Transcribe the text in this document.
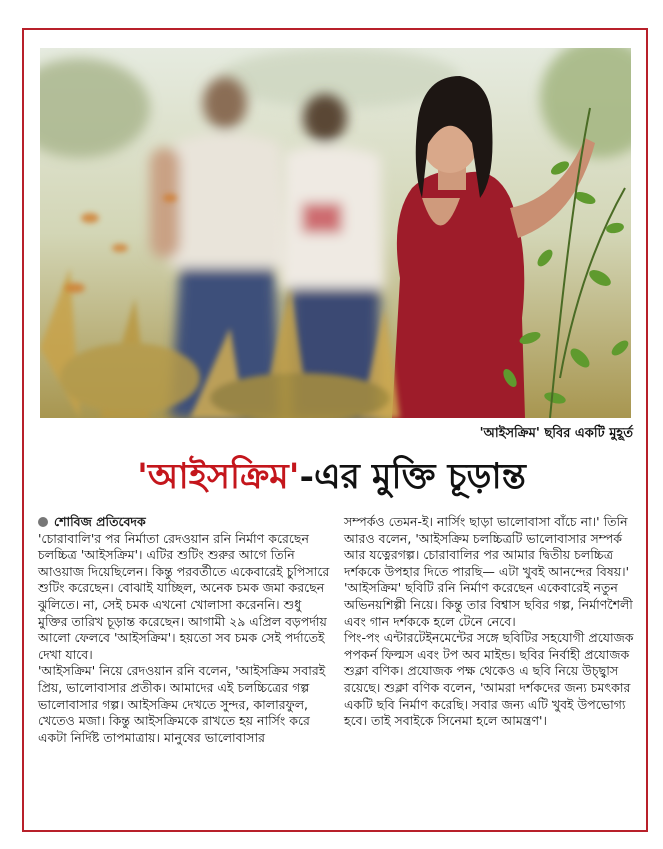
'আইসক্রিম' ছবির একটি মুহূর্ত
'আইসক্রিম'-এর মুক্তি চূড়ান্ত

শোবিজ প্রতিবেদক

'চোরাবালি'র পর নির্মাতা রেদওয়ান রনি নির্মাণ করেছেন চলচ্চিত্র 'আইসক্রিম'। এটির শুটিং শুরুর আগে তিনি আওয়াজ দিয়েছিলেন। কিন্তু পরবর্তীতে একেবারেই চুপিসারে শুটিং করেছেন। বোঝাই যাচ্ছিল, অনেক চমক জমা করছেন ঝুলিতে। না, সেই চমক এখনো খোলাসা করেননি। শুধু মুক্তির তারিখ চূড়ান্ত করেছেন। আগামী ২৯ এপ্রিল বড়পর্দায় আলো ফেলবে 'আইসক্রিম'। হয়তো সব চমক সেই পর্দাতেই দেখা যাবে।

'আইসক্রিম' নিয়ে রেদওয়ান রনি বলেন, 'আইসক্রিম সবারই প্রিয়, ভালোবাসার প্রতীক। আমাদের এই চলচ্চিত্রের গল্প ভালোবাসার গল্প। আইসক্রিম দেখতে সুন্দর, কালারফুল, খেতেও মজা। কিন্তু আইসক্রিমকে রাখতে হয় নার্সিং করে একটা নির্দিষ্ট তাপমাত্রায়। মানুষের ভালোবাসার

সম্পর্কও তেমন-ই। নার্সিং ছাড়া ভালোবাসা বাঁচে না।' তিনি আরও বলেন, 'আইসক্রিম চলচ্চিত্রটি ভালোবাসার সম্পর্ক আর যত্নেরগল্প। চোরাবালির পর আমার দ্বিতীয় চলচ্চিত্র দর্শককে উপহার দিতে পারছি— এটা খুবই আনন্দের বিষয়।'

'আইসক্রিম' ছবিটি রনি নির্মাণ করেছেন একেবারেই নতুন অভিনয়শিল্পী নিয়ে। কিন্তু তার বিশ্বাস ছবির গল্প, নির্মাণশৈলী এবং গান দর্শককে হলে টেনে নেবে।

পিং-পং এন্টারটেইনমেন্টের সঙ্গে ছবিটির সহযোগী প্রযোজক পপকর্ন ফিল্মস এবং টপ অব মাইন্ড। ছবির নির্বাহী প্রযোজক শুক্লা বণিক। প্রযোজক পক্ষ থেকেও এ ছবি নিয়ে উচ্ছ্বাস রয়েছে। শুক্লা বণিক বলেন, 'আমরা দর্শকদের জন্য চমৎকার একটি ছবি নির্মাণ করেছি। সবার জন্য এটি খুবই উপভোগ্য হবে। তাই সবাইকে সিনেমা হলে আমন্ত্রণ'।
